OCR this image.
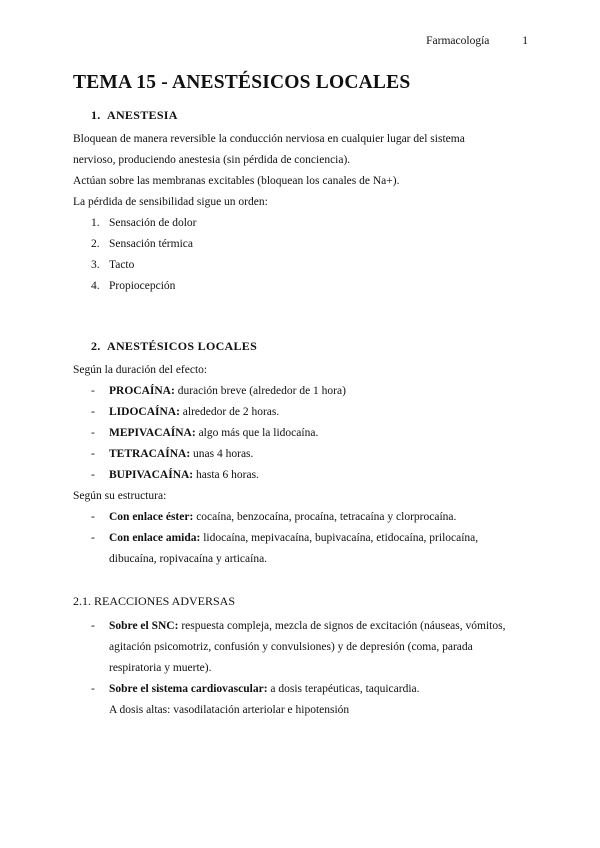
Farmacología	1
TEMA 15 - ANESTÉSICOS LOCALES
1. ANESTESIA

Bloquean de manera reversible la conducción nerviosa en cualquier lugar del sistema

nervioso, produciendo anestesia (sin pérdida de conciencia).

Actúan sobre las membranas excitables (bloquean los canales de Na+).

La pérdida de sensibilidad sigue un orden:

1. Sensación de dolor
2. Sensación térmica
3. Tacto
4. Propiocepción
2. ANESTÉSICOS LOCALES

Según la duración del efecto:

- PROCAÍNA: duración breve (alrededor de 1 hora)
- LIDOCAÍNA: alrededor de 2 horas.
- MEPIVACAÍNA: algo más que la lidocaína.
- TETRACAÍNA: unas 4 horas.
- BUPIVACAÍNA: hasta 6 horas.

Según su estructura:

- Con enlace éster: cocaína, benzocaína, procaína, tetracaína y clorprocaína.
- Con enlace amida: lidocaína, mepivacaína, bupivacaína, etidocaína, prilocaína,
dibucaína, ropivacaína y articaína.
2.1. REACCIONES ADVERSAS
- Sobre el SNC: respuesta compleja, mezcla de signos de excitación (náuseas, vómitos,
agitación psicomotriz, confusión y convulsiones) y de depresión (coma, parada
respiratoria y muerte).
- Sobre el sistema cardiovascular: a dosis terapéuticas, taquicardia.

A dosis altas: vasodilatación arteriolar e hipotensión
